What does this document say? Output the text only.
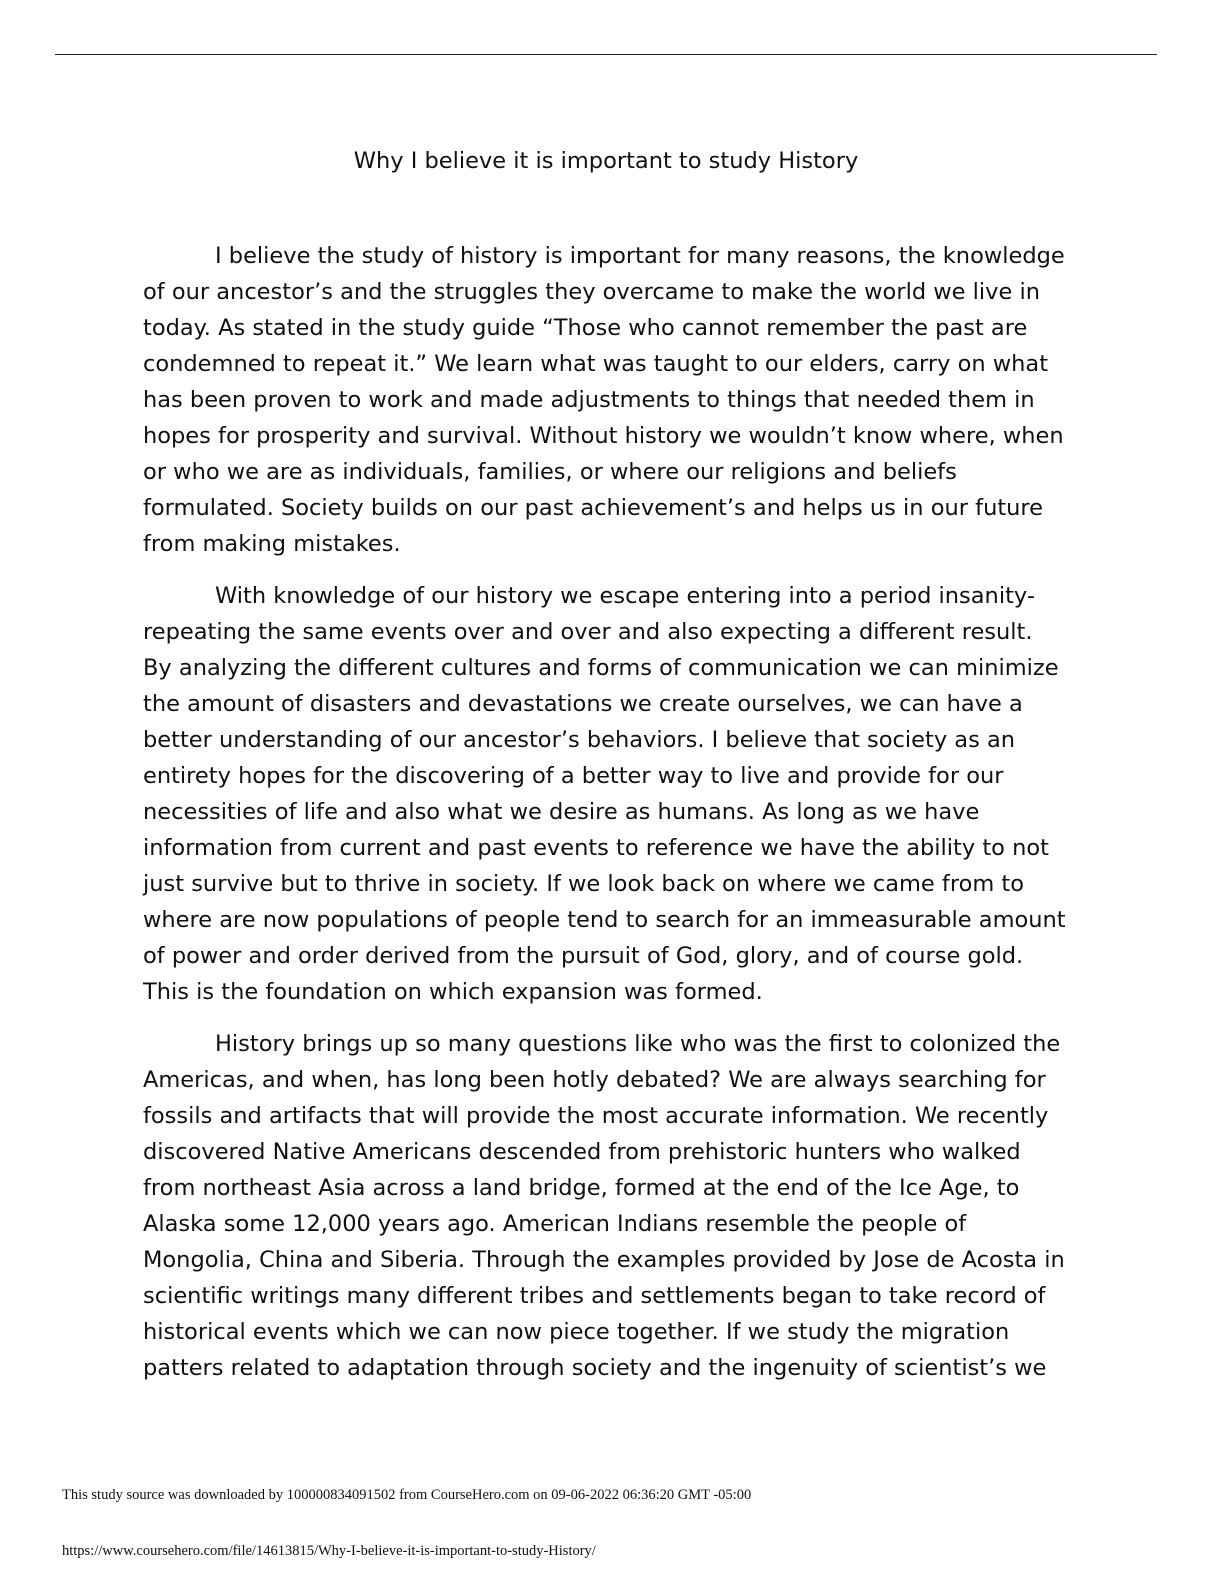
Why I believe it is important to study History

I believe the study of history is important for many reasons, the knowledge of our ancestor’s and the struggles they overcame to make the world we live in today. As stated in the study guide “Those who cannot remember the past are condemned to repeat it.” We learn what was taught to our elders, carry on what has been proven to work and made adjustments to things that needed them in hopes for prosperity and survival. Without history we wouldn’t know where, when or who we are as individuals, families, or where our religions and beliefs formulated. Society builds on our past achievement’s and helps us in our future from making mistakes.

With knowledge of our history we escape entering into a period insanity- repeating the same events over and over and also expecting a different result. By analyzing the different cultures and forms of communication we can minimize the amount of disasters and devastations we create ourselves, we can have a better understanding of our ancestor’s behaviors. I believe that society as an entirety hopes for the discovering of a better way to live and provide for our necessities of life and also what we desire as humans. As long as we have information from current and past events to reference we have the ability to not just survive but to thrive in society. If we look back on where we came from to where are now populations of people tend to search for an immeasurable amount of power and order derived from the pursuit of God, glory, and of course gold. This is the foundation on which expansion was formed.

History brings up so many questions like who was the first to colonized the Americas, and when, has long been hotly debated? We are always searching for fossils and artifacts that will provide the most accurate information. We recently discovered Native Americans descended from prehistoric hunters who walked from northeast Asia across a land bridge, formed at the end of the Ice Age, to Alaska some 12,000 years ago. American Indians resemble the people of Mongolia, China and Siberia. Through the examples provided by Jose de Acosta in scientific writings many different tribes and settlements began to take record of historical events which we can now piece together. If we study the migration patters related to adaptation through society and the ingenuity of scientist’s we

This study source was downloaded by 100000834091502 from CourseHero.com on 09-06-2022 06:36:20 GMT -05:00
https://www.coursehero.com/file/14613815/Why-I-believe-it-is-important-to-study-History/
